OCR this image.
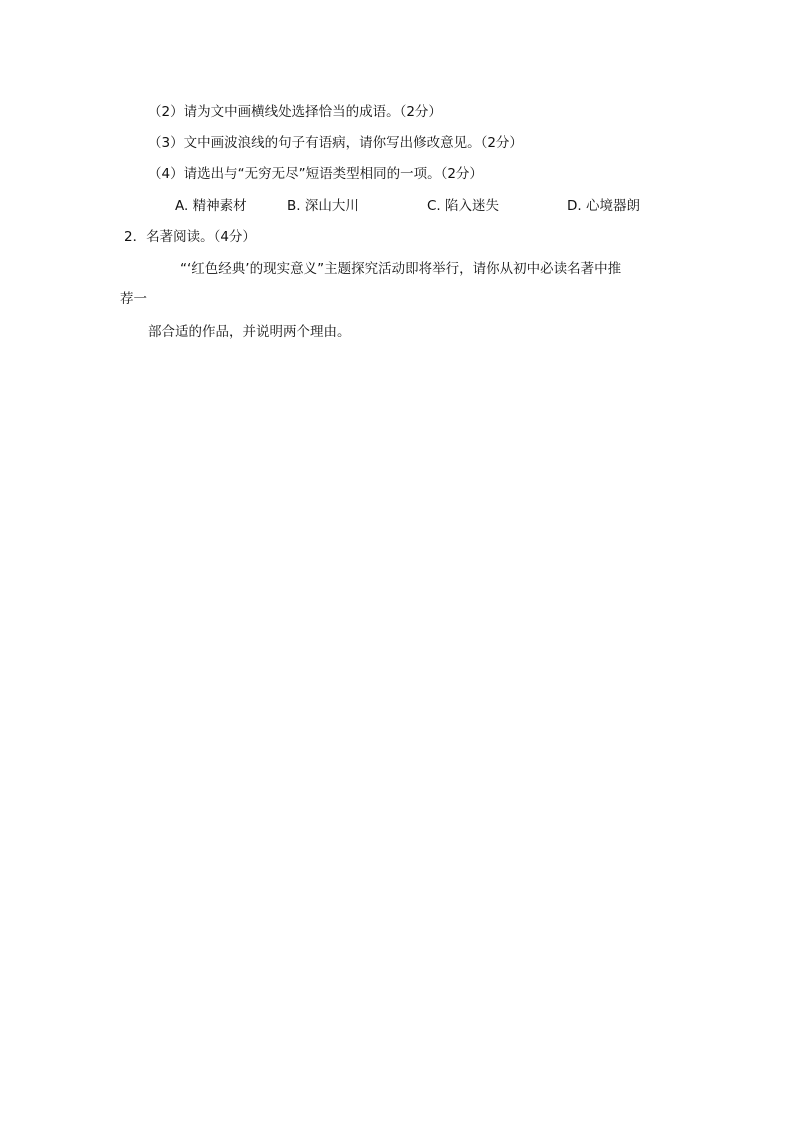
（2）请为文中画横线处选择恰当的成语。（2分）
（3）文中画波浪线的句子有语病，请你写出修改意见。（2分）
（4）请选出与“无穷无尽”短语类型相同的一项。（2分）
A. 精神素材	B. 深山大川	C. 陷入迷失	D. 心境器朗
2．名著阅读。（4分）
“‘红色经典’的现实意义”主题探究活动即将举行，请你从初中必读名著中推
荐一
部合适的作品，并说明两个理由。
